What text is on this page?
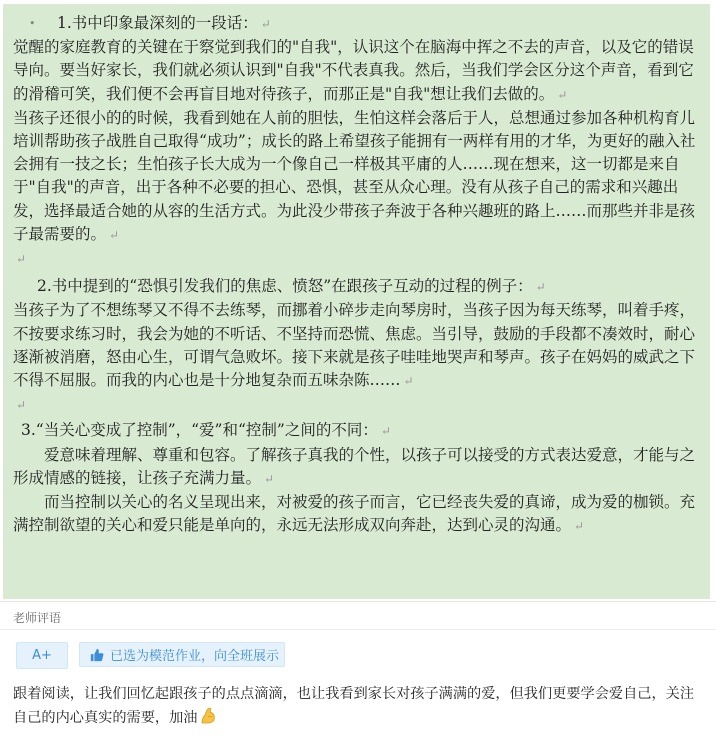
• 1.书中印象最深刻的一段话： ↵

觉醒的家庭教育的关键在于察觉到我们的"自我"，认识这个在脑海中挥之不去的声音，以及它的错误导向。要当好家长，我们就必须认识到"自我"不代表真我。然后，当我们学会区分这个声音，看到它的滑稽可笑，我们便不会再盲目地对待孩子，而那正是"自我"想让我们去做的。 ↵

当孩子还很小的的时候，我看到她在人前的胆怯，生怕这样会落后于人，总想通过参加各种机构育儿培训帮助孩子战胜自己取得“成功”；成长的路上希望孩子能拥有一两样有用的才华，为更好的融入社会拥有一技之长；生怕孩子长大成为一个像自己一样极其平庸的人……现在想来，这一切都是来自于"自我"的声音，出于各种不必要的担心、恐惧，甚至从众心理。没有从孩子自己的需求和兴趣出发，选择最适合她的从容的生活方式。为此没少带孩子奔波于各种兴趣班的路上……而那些并非是孩子最需要的。 ↵

↵

2.书中提到的“恐惧引发我们的焦虑、愤怒”在跟孩子互动的过程的例子： ↵

当孩子为了不想练琴又不得不去练琴，而挪着小碎步走向琴房时，当孩子因为每天练琴，叫着手疼，不按要求练习时，我会为她的不听话、不坚持而恐慌、焦虑。当引导，鼓励的手段都不凑效时，耐心逐渐被消磨，怒由心生，可谓气急败坏。接下来就是孩子哇哇地哭声和琴声。孩子在妈妈的威武之下不得不屈服。而我的内心也是十分地复杂而五味杂陈…… ↵

↵

3.“当关心变成了控制”，“爱”和“控制”之间的不同： ↵

爱意味着理解、尊重和包容。了解孩子真我的个性，以孩子可以接受的方式表达爱意，才能与之形成情感的链接，让孩子充满力量。 ↵

而当控制以关心的名义呈现出来，对被爱的孩子而言，它已经丧失爱的真谛，成为爱的枷锁。充满控制欲望的关心和爱只能是单向的，永远无法形成双向奔赴，达到心灵的沟通。 ↵

老师评语
A+	已选为模范作业，向全班展示
跟着阅读，让我们回忆起跟孩子的点点滴滴，也让我看到家长对孩子满满的爱，但我们更要学会爱自己，关注自己的内心真实的需要，加油
